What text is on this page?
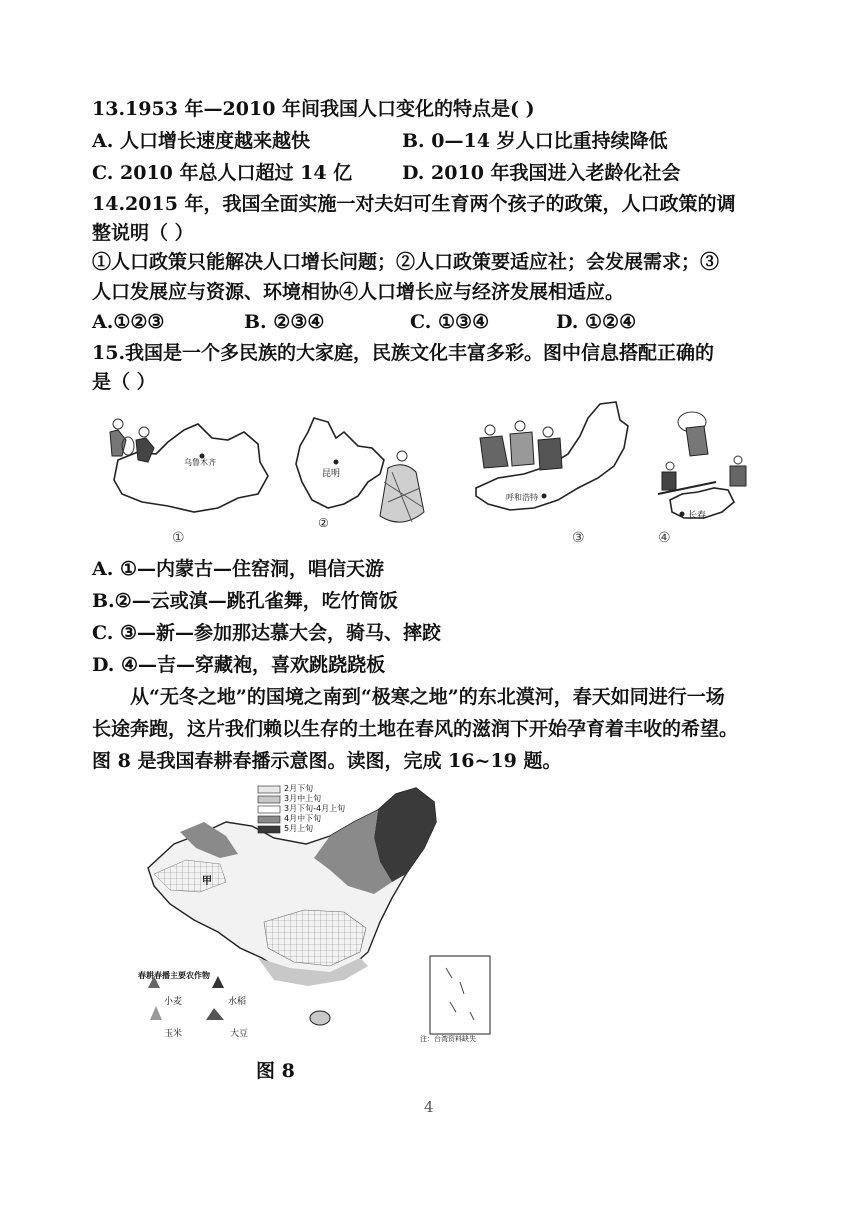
13.1953 年—2010 年间我国人口变化的特点是( )
A. 人口增长速度越来越快	B. 0—14 岁人口比重持续降低
C. 2010 年总人口超过 14 亿	D. 2010 年我国进入老龄化社会
14.2015 年，我国全面实施一对夫妇可生育两个孩子的政策，人口政策的调
整说明（ ）
①人口政策只能解决人口增长问题；②人口政策要适应社；会发展需求；③
人口发展应与资源、环境相协④人口增长应与经济发展相适应。
A.①②③	B. ②③④	C. ①③④	D. ①②④
15.我国是一个多民族的大家庭，民族文化丰富多彩。图中信息搭配正确的
是（ ）
乌鲁木齐
①
昆明
②
呼和浩特
③
长春
④
A. ①—内蒙古—住窑洞，唱信天游
B.②—云或滇—跳孔雀舞，吃竹筒饭
C. ③—新—参加那达慕大会，骑马、摔跤
D. ④—吉—穿藏袍，喜欢跳跷跷板
从“无冬之地”的国境之南到“极寒之地”的东北漠河，春天如同进行一场
长途奔跑，这片我们赖以生存的土地在春风的滋润下开始孕育着丰收的希望。
图 8 是我国春耕春播示意图。读图，完成 16~19 题。
2月下旬
3月中上旬
3月下旬-4月上旬
4月中下旬
5月上旬
甲
春耕春播主要农作物
小麦	水稻
玉米	大豆	注：台湾资料缺失
图 8
4
